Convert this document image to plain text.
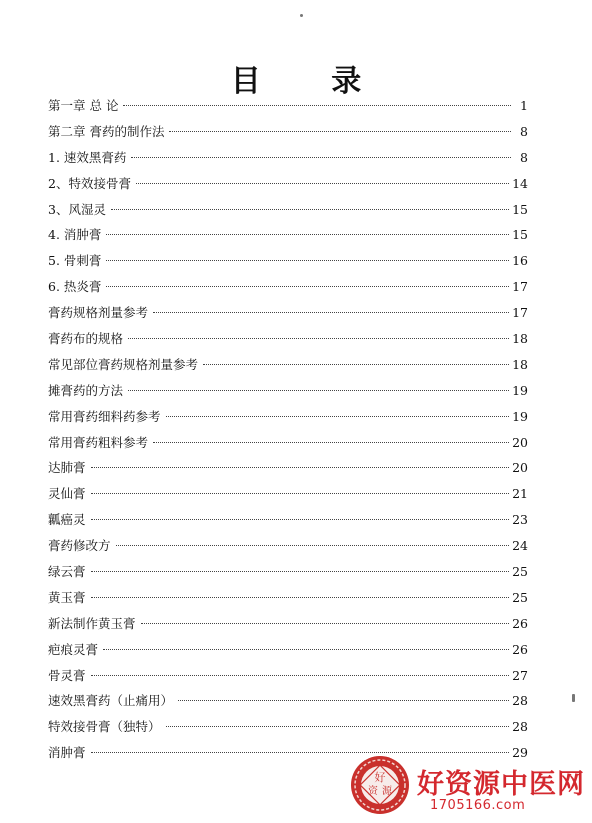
目 录
第一章 总 论	1
第二章 膏药的制作法	8
1. 速效黑膏药	8
2、特效接骨膏	14
3、风湿灵	15
4. 消肿膏	15
5. 骨刺膏	16
6. 热炎膏	17
膏药规格剂量参考	17
膏药布的规格	18
常见部位膏药规格剂量参考	18
摊膏药的方法	19
常用膏药细料药参考	19
常用膏药粗料参考	20
达肺膏	20
灵仙膏	21
瓤癌灵	23
膏药修改方	24
绿云膏	25
黄玉膏	25
新法制作黄玉膏	26
疤痕灵膏	26
骨灵膏	27
速效黑膏药（止痛用）	28
特效接骨膏（独特）	28
消肿膏	29
好
资 源 好资源中医网
1705166.com
